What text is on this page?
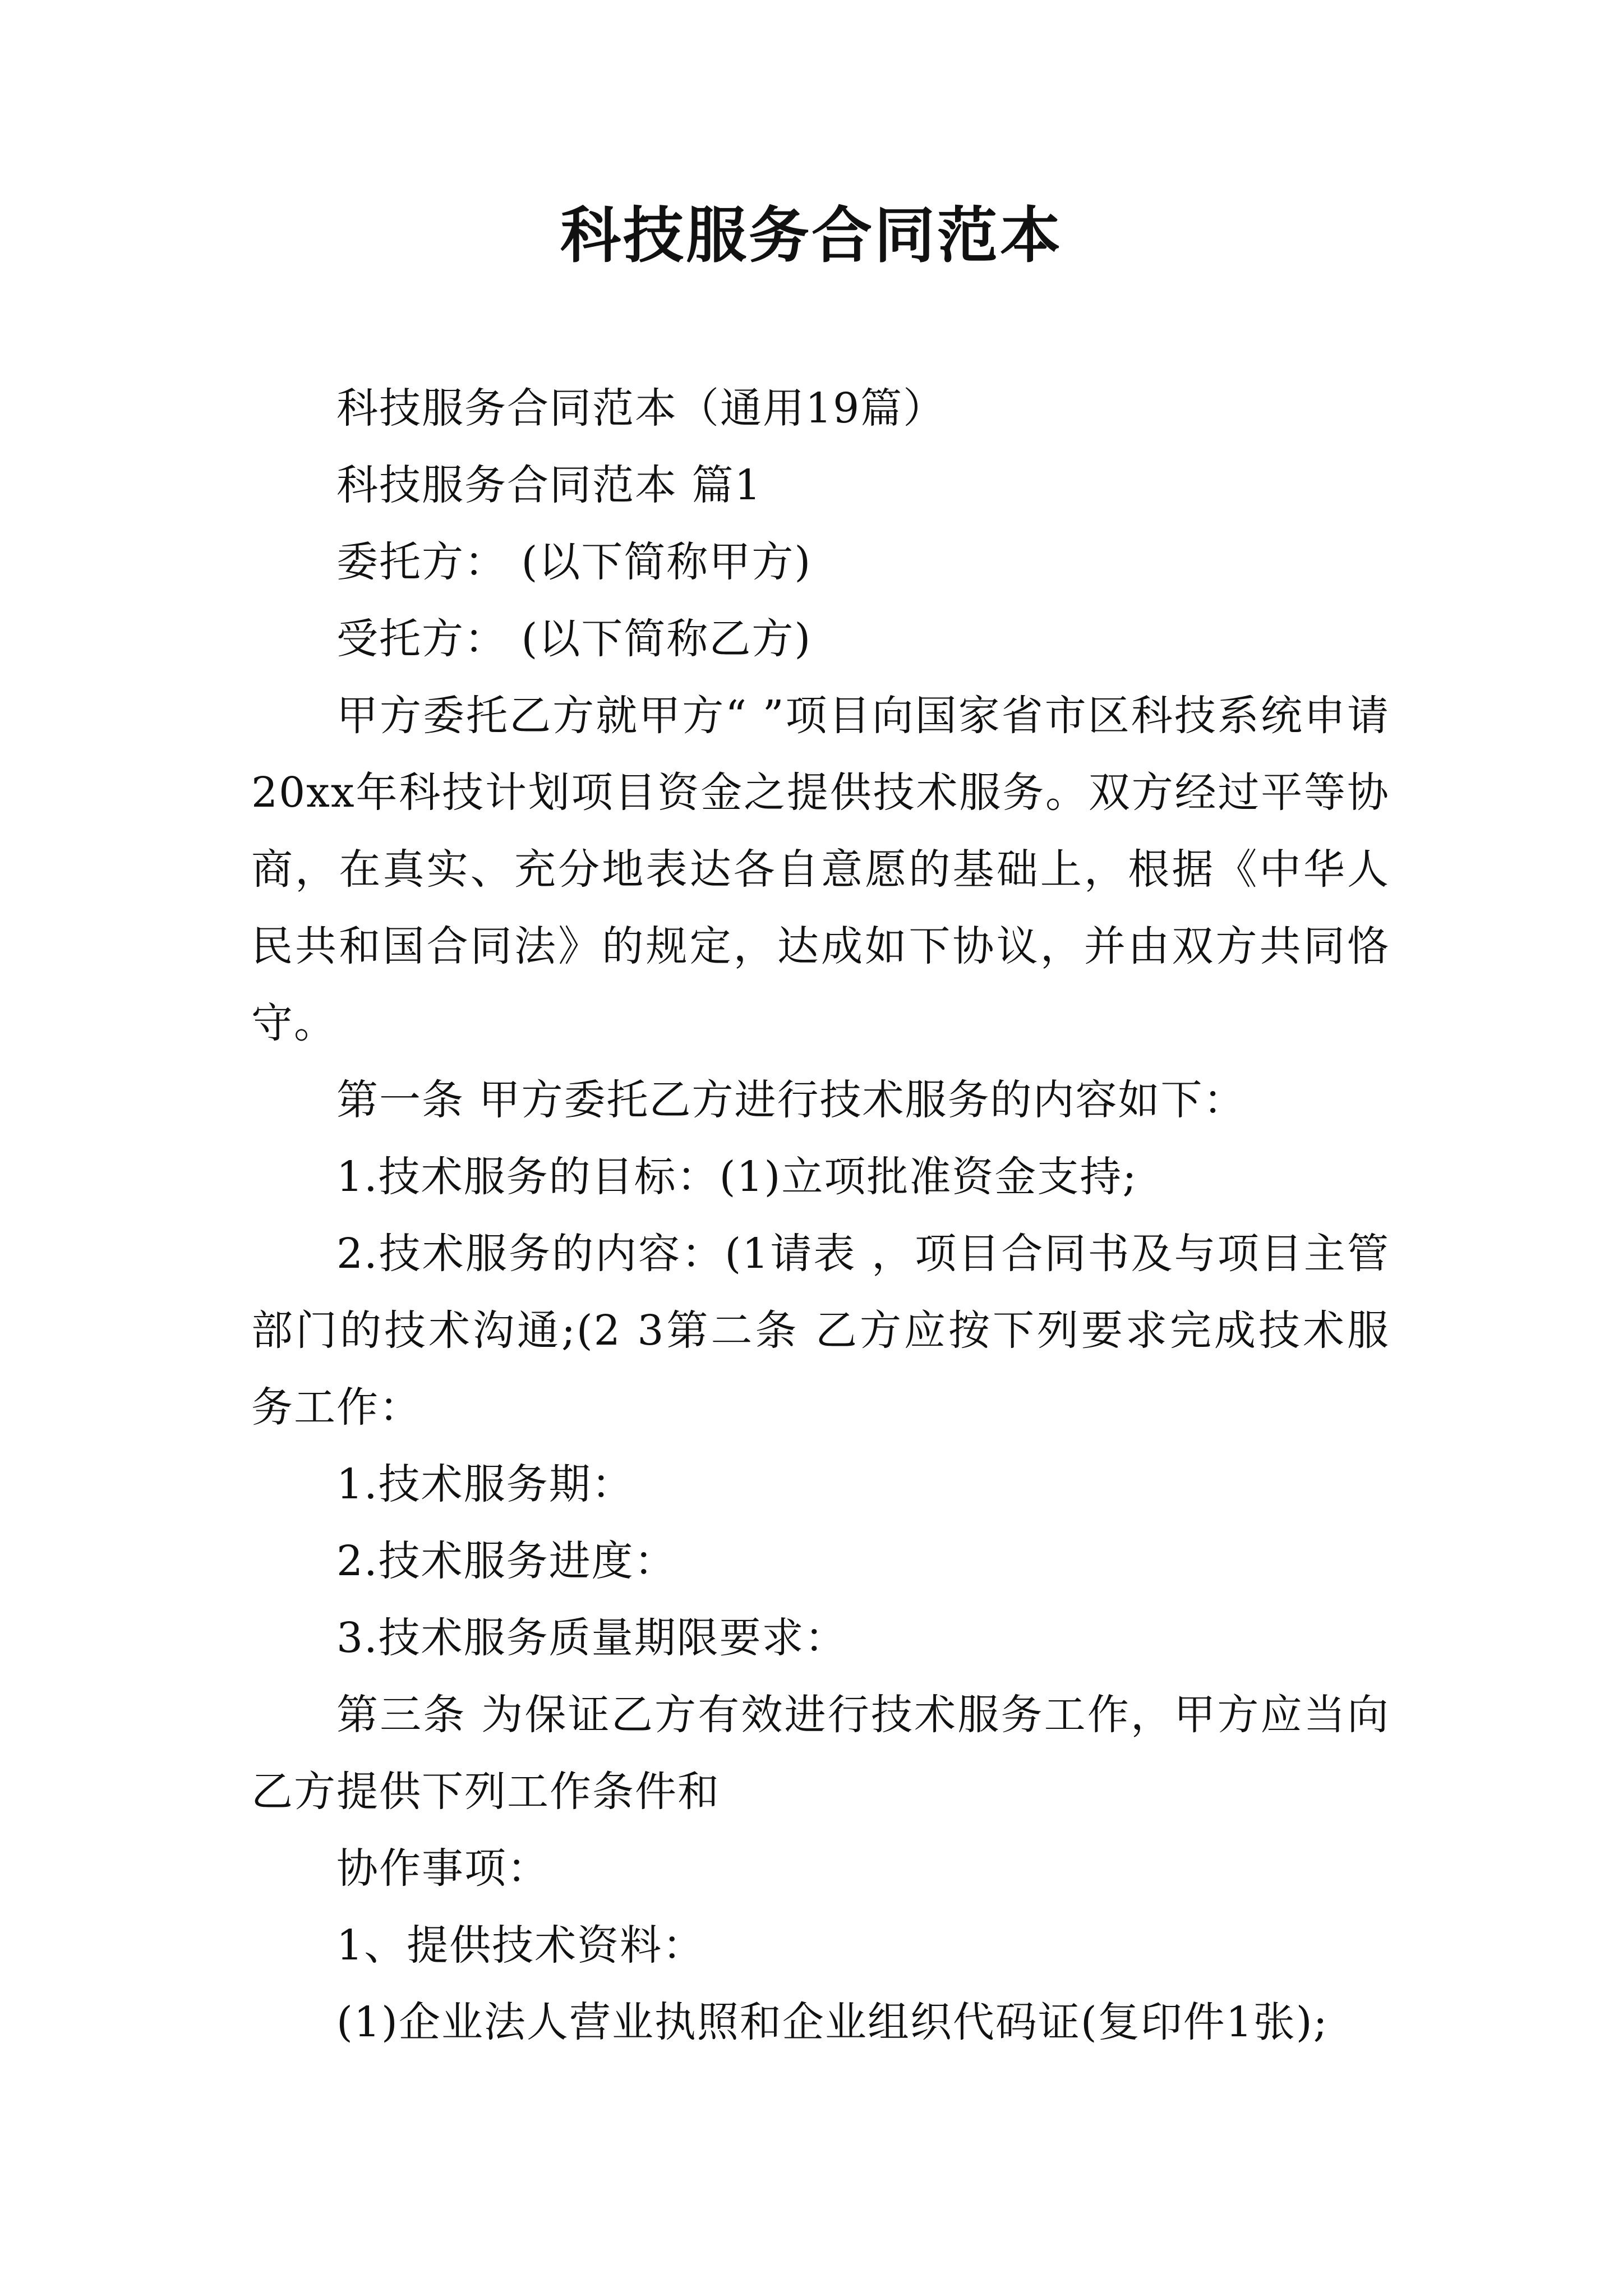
科技服务合同范本

科技服务合同范本（通用19篇）

科技服务合同范本 篇1

委托方： (以下简称甲方)

受托方： (以下简称乙方)

甲方委托乙方就甲方“ ”项目向国家省市区科技系统申请20xx年科技计划项目资金之提供技术服务。双方经过平等协商，在真实、充分地表达各自意愿的基础上，根据《中华人民共和国合同法》的规定，达成如下协议，并由双方共同恪守。

第一条 甲方委托乙方进行技术服务的内容如下：

1.技术服务的目标：(1)立项批准资金支持;

2.技术服务的内容：(1请表 ，项目合同书及与项目主管部门的技术沟通;(2 3第二条 乙方应按下列要求完成技术服务工作：

1.技术服务期：

2.技术服务进度：

3.技术服务质量期限要求：

第三条 为保证乙方有效进行技术服务工作，甲方应当向乙方提供下列工作条件和

协作事项：

1、提供技术资料：

(1)企业法人营业执照和企业组织代码证(复印件1张);
